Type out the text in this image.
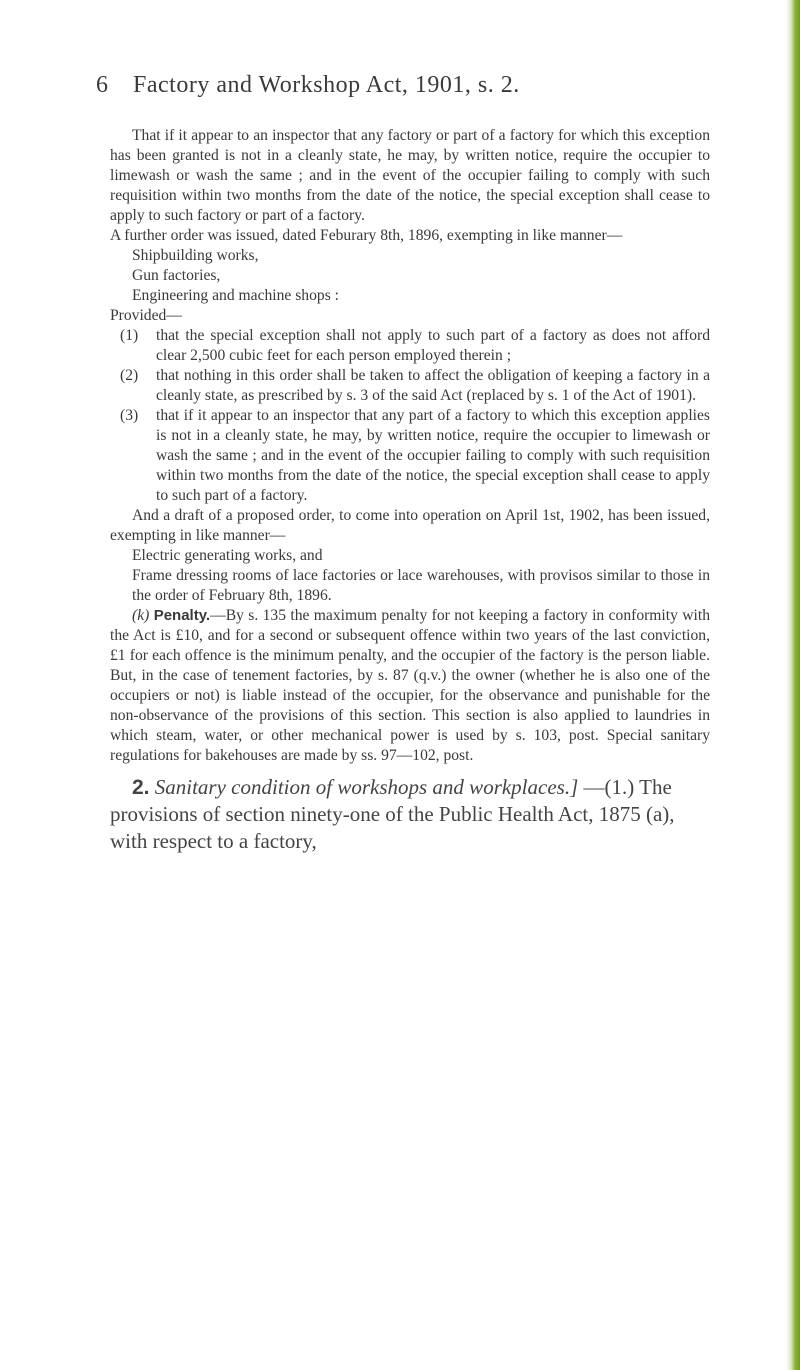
6 Factory and Workshop Act, 1901, s. 2.

That if it appear to an inspector that any factory or part of a factory for which this exception has been granted is not in a cleanly state, he may, by written notice, require the occupier to limewash or wash the same ; and in the event of the occupier failing to comply with such requisition within two months from the date of the notice, the special exception shall cease to apply to such factory or part of a factory.

A further order was issued, dated Feburary 8th, 1896, exempting in like manner—

Shipbuilding works,
Gun factories,
Engineering and machine shops :
Provided—
(1)	that the special exception shall not apply to such part of a factory as does not afford clear 2,500 cubic feet for each person employed therein ;
(2)	that nothing in this order shall be taken to affect the obligation of keeping a factory in a cleanly state, as prescribed by s. 3 of the said Act (replaced by s. 1 of the Act of 1901).
(3)	that if it appear to an inspector that any part of a factory to which this exception applies is not in a cleanly state, he may, by written notice, require the occupier to limewash or wash the same ; and in the event of the occupier failing to comply with such requisition within two months from the date of the notice, the special exception shall cease to apply to such part of a factory.

And a draft of a proposed order, to come into operation on April 1st, 1902, has been issued, exempting in like manner—

Electric generating works, and
Frame dressing rooms of lace factories or lace warehouses, with provisos similar to those in the order of February 8th, 1896.

(k) Penalty.—By s. 135 the maximum penalty for not keeping a factory in conformity with the Act is £10, and for a second or subsequent offence within two years of the last conviction, £1 for each offence is the minimum penalty, and the occupier of the factory is the person liable. But, in the case of tenement factories, by s. 87 (q.v.) the owner (whether he is also one of the occupiers or not) is liable instead of the occupier, for the observance and punishable for the non-observance of the provisions of this section. This section is also applied to laundries in which steam, water, or other mechanical power is used by s. 103, post. Special sanitary regulations for bakehouses are made by ss. 97—102, post.

2. Sanitary condition of workshops and workplaces.] —(1.) The provisions of section ninety-one of the Public Health Act, 1875 (a), with respect to a factory,
